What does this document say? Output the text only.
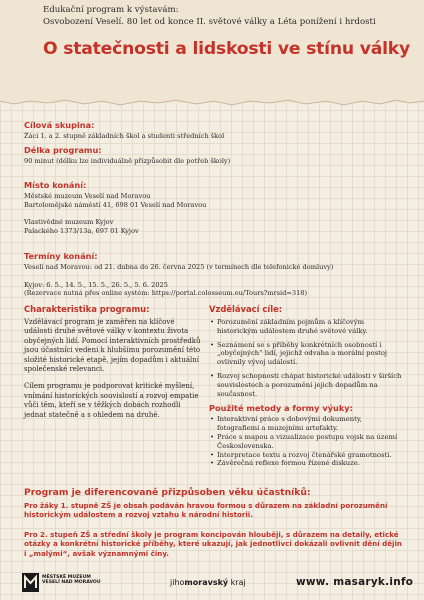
Edukační program k výstavám:
Osvobození Veselí. 80 let od konce II. světové války a Léta ponížení i hrdosti
O statečnosti a lidskosti ve stínu války
Cílová skupina:
Žáci 1. a 2. stupně základních škol a studenti středních škol
Délka programu:
90 minut (délku lze individuálně přizpůsobit dle potřeb školy)
Místo konání:
Městské muzeum Veselí nad Moravou
Bartolomějské náměstí 41, 698 01 Veselí nad Moravou
Vlastivědné muzeum Kyjov
Palackého 1373/13a, 697 01 Kyjov
Termíny konání:
Veselí nad Moravou: od 21. dubna do 26. června 2025 (v termínech dle telefonické domluvy)
Kyjov: 6. 5., 14. 5., 15. 5., 26. 5., 5. 6. 2025
(Rezervace nutná přes online systém: https://portal.colosseum.eu/Tours?mrsid=318)
Charakteristika programu:
Vzdělávací program je zaměřen na klíčové události druhé světové války v kontextu života obyčejných lidí. Pomocí interaktivních prostředků jsou účastníci vedeni k hlubšímu porozumění této složité historické etapě, jejím dopadům i aktuální společenské relevanci.
Cílem programu je podporovat kritické myšlení, vnímání historických souvislostí a rozvoj empatie vůči těm, kteří se v těžkých dobách rozhodli jednat statečně a s ohledem na druhé.
Vzdělávací cíle:
• Porozumění základním pojmům a klíčovým historickým událostem druhé světové války.
• Seznámení se s příběhy konkrétních osobností i „obyčejných“ lidí, jejichž odvaha a morální postoj ovlivnily vývoj událostí.
• Rozvoj schopnosti chápat historické události v širších souvislostech a porozumění jejich dopadům na současnost.
Použité metody a formy výuky:
• Interaktivní práce s dobovými dokumenty, fotografiemi a muzejními artefakty.
• Práce s mapou a vizualizace postupu vojsk na území Československa.
• Interpretace textu a rozvoj čtenářské gramotnosti.
• Závěrečná reflexe formou řízené diskuze.
Program je diferencovaně přizpůsoben věku účastníků:
Pro žáky 1. stupně ZŠ je obsah podáván hravou formou s důrazem na základní porozumění historickým událostem a rozvoj vztahu k národní historii.
Pro 2. stupeň ZŠ a střední školy je program koncipován hlouběji, s důrazem na detaily, etické otázky a konkrétní historické příběhy, které ukazují, jak jednotlivci dokázali ovlivnit dění dějin i „malými“, avšak významnými činy.
MĚSTSKÉ MUZEUM
VESELÍ NAD MORAVOU	jihomoravský kraj	www. masaryk.info
